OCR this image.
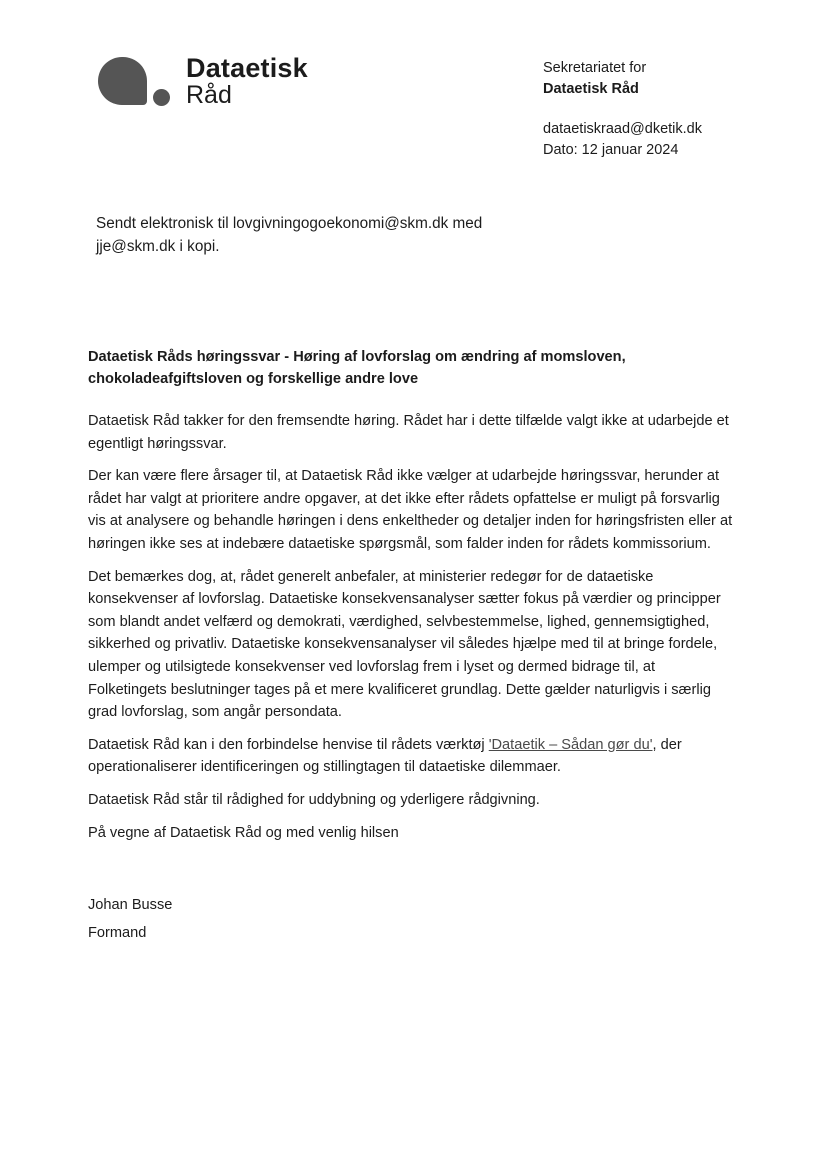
Dataetisk
Råd
Sekretariatet for
Dataetisk Råd
dataetiskraad@dketik.dk
Dato: 12 januar 2024
Sendt elektronisk til lovgivningogoekonomi@skm.dk med
jje@skm.dk i kopi.
Dataetisk Råds høringssvar - Høring af lovforslag om ændring af momsloven,
chokoladeafgiftsloven og forskellige andre love

Dataetisk Råd takker for den fremsendte høring. Rådet har i dette tilfælde valgt ikke at udarbejde et egentligt høringssvar.

Der kan være flere årsager til, at Dataetisk Råd ikke vælger at udarbejde høringssvar, herunder at rådet har valgt at prioritere andre opgaver, at det ikke efter rådets opfattelse er muligt på forsvarlig vis at analysere og behandle høringen i dens enkeltheder og detaljer inden for høringsfristen eller at høringen ikke ses at indebære dataetiske spørgsmål, som falder inden for rådets kommissorium.

Det bemærkes dog, at, rådet generelt anbefaler, at ministerier redegør for de dataetiske konsekvenser af lovforslag. Dataetiske konsekvensanalyser sætter fokus på værdier og principper som blandt andet velfærd og demokrati, værdighed, selvbestemmelse, lighed, gennemsigtighed, sikkerhed og privatliv. Dataetiske konsekvensanalyser vil således hjælpe med til at bringe fordele, ulemper og utilsigtede konsekvenser ved lovforslag frem i lyset og dermed bidrage til, at Folketingets beslutninger tages på et mere kvalificeret grundlag. Dette gælder naturligvis i særlig grad lovforslag, som angår persondata.

Dataetisk Råd kan i den forbindelse henvise til rådets værktøj 'Dataetik – Sådan gør du', der operationaliserer identificeringen og stillingtagen til dataetiske dilemmaer.

Dataetisk Råd står til rådighed for uddybning og yderligere rådgivning.

På vegne af Dataetisk Råd og med venlig hilsen

Johan Busse
Formand
